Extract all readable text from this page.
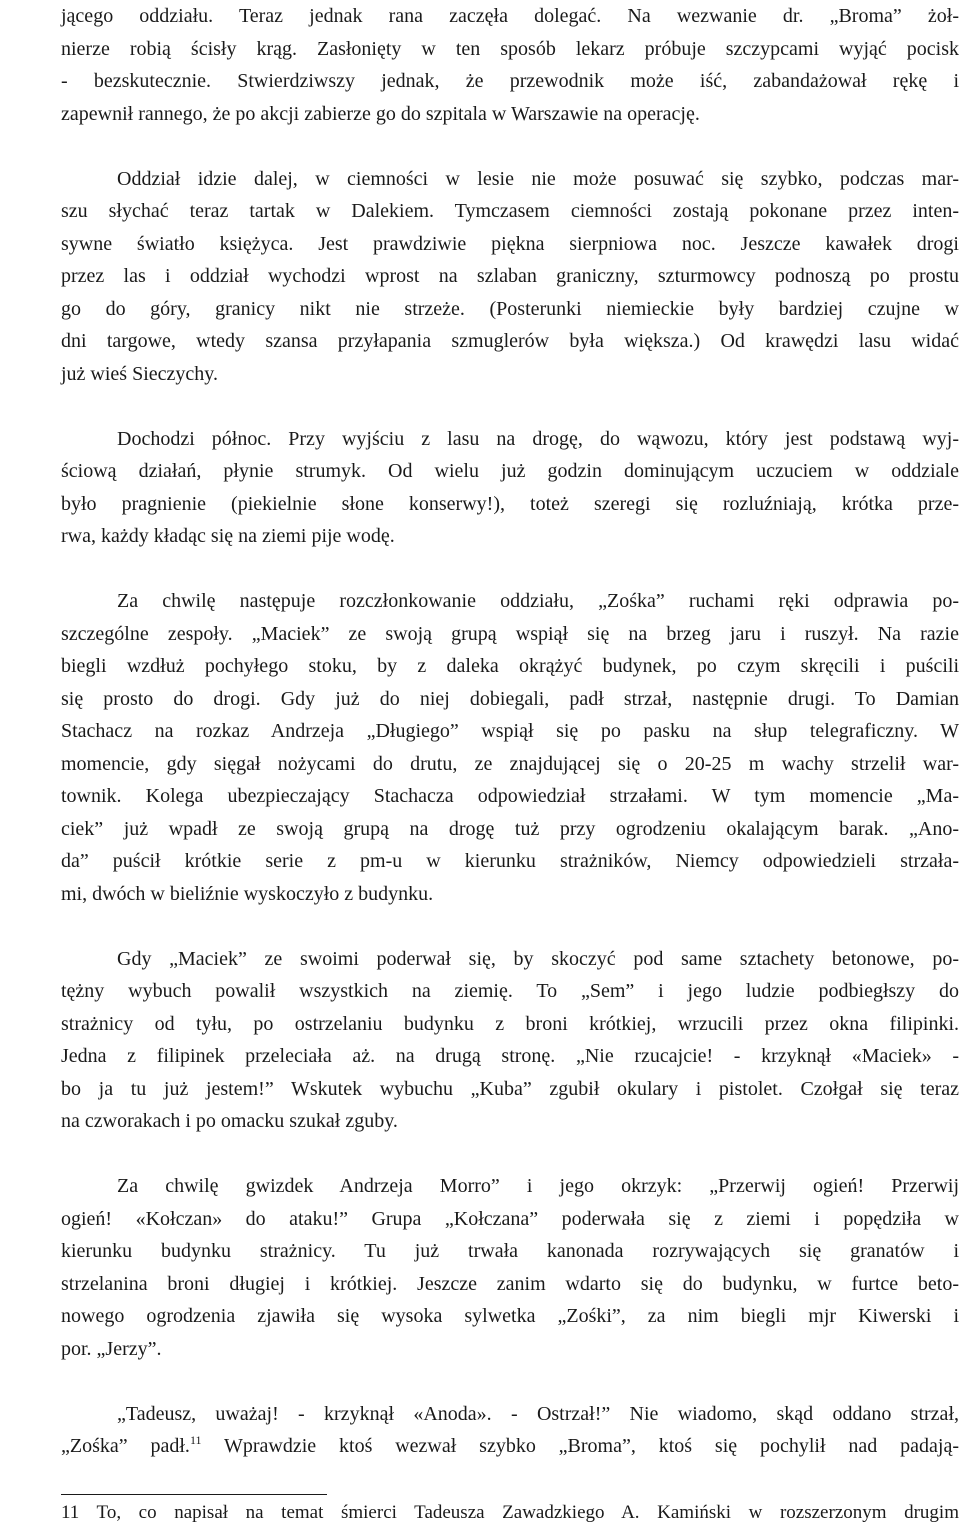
jącego oddziału. Teraz jednak rana zaczęła dolegać. Na wezwanie dr. „Broma” żoł-
nierze robią ścisły krąg. Zasłonięty w ten sposób lekarz próbuje szczypcami wyjąć pocisk
- bezskutecznie. Stwierdziwszy jednak, że przewodnik może iść, zabandażował rękę i
zapewnił rannego, że po akcji zabierze go do szpitala w Warszawie na operację.
Oddział idzie dalej, w ciemności w lesie nie może posuwać się szybko, podczas mar-
szu słychać teraz tartak w Dalekiem. Tymczasem ciemności zostają pokonane przez inten-
sywne światło księżyca. Jest prawdziwie piękna sierpniowa noc. Jeszcze kawałek drogi
przez las i oddział wychodzi wprost na szlaban graniczny, szturmowcy podnoszą po prostu
go do góry, granicy nikt nie strzeże. (Posterunki niemieckie były bardziej czujne w
dni targowe, wtedy szansa przyłapania szmuglerów była większa.) Od krawędzi lasu widać
już wieś Sieczychy.
Dochodzi północ. Przy wyjściu z lasu na drogę, do wąwozu, który jest podstawą wyj-
ściową działań, płynie strumyk. Od wielu już godzin dominującym uczuciem w oddziale
było pragnienie (piekielnie słone konserwy!), toteż szeregi się rozluźniają, krótka prze-
rwa, każdy kładąc się na ziemi pije wodę.
Za chwilę następuje rozczłonkowanie oddziału, „Zośka” ruchami ręki odprawia po-
szczególne zespoły. „Maciek” ze swoją grupą wspiął się na brzeg jaru i ruszył. Na razie
biegli wzdłuż pochyłego stoku, by z daleka okrążyć budynek, po czym skręcili i puścili
się prosto do drogi. Gdy już do niej dobiegali, padł strzał, następnie drugi. To Damian
Stachacz na rozkaz Andrzeja „Długiego” wspiął się po pasku na słup telegraficzny. W
momencie, gdy sięgał nożycami do drutu, ze znajdującej się o 20-25 m wachy strzelił war-
townik. Kolega ubezpieczający Stachacza odpowiedział strzałami. W tym momencie „Ma-
ciek” już wpadł ze swoją grupą na drogę tuż przy ogrodzeniu okalającym barak. „Ano-
da” puścił krótkie serie z pm-u w kierunku strażników, Niemcy odpowiedzieli strzała-
mi, dwóch w bieliźnie wyskoczyło z budynku.
Gdy „Maciek” ze swoimi poderwał się, by skoczyć pod same sztachety betonowe, po-
tężny wybuch powalił wszystkich na ziemię. To „Sem” i jego ludzie podbiegłszy do
strażnicy od tyłu, po ostrzelaniu budynku z broni krótkiej, wrzucili przez okna filipinki.
Jedna z filipinek przeleciała aż. na drugą stronę. „Nie rzucajcie! - krzyknął «Maciek» -
bo ja tu już jestem!” Wskutek wybuchu „Kuba” zgubił okulary i pistolet. Czołgał się teraz
na czworakach i po omacku szukał zguby.
Za chwilę gwizdek Andrzeja Morro” i jego okrzyk: „Przerwij ogień! Przerwij
ogień! «Kołczan» do ataku!” Grupa „Kołczana” poderwała się z ziemi i popędziła w
kierunku budynku strażnicy. Tu już trwała kanonada rozrywających się granatów i
strzelanina broni długiej i krótkiej. Jeszcze zanim wdarto się do budynku, w furtce beto-
nowego ogrodzenia zjawiła się wysoka sylwetka „Zośki”, za nim biegli mjr Kiwerski i
por. „Jerzy”.
„Tadeusz, uważaj! - krzyknął «Anoda». - Ostrzał!” Nie wiadomo, skąd oddano strzał,
„Zośka” padł.$^{11}$ Wprawdzie ktoś wezwał szybko „Broma”, ktoś się pochylił nad padają-
11 To, co napisał na temat śmierci Tadeusza Zawadzkiego A. Kamiński w rozszerzonym drugim
